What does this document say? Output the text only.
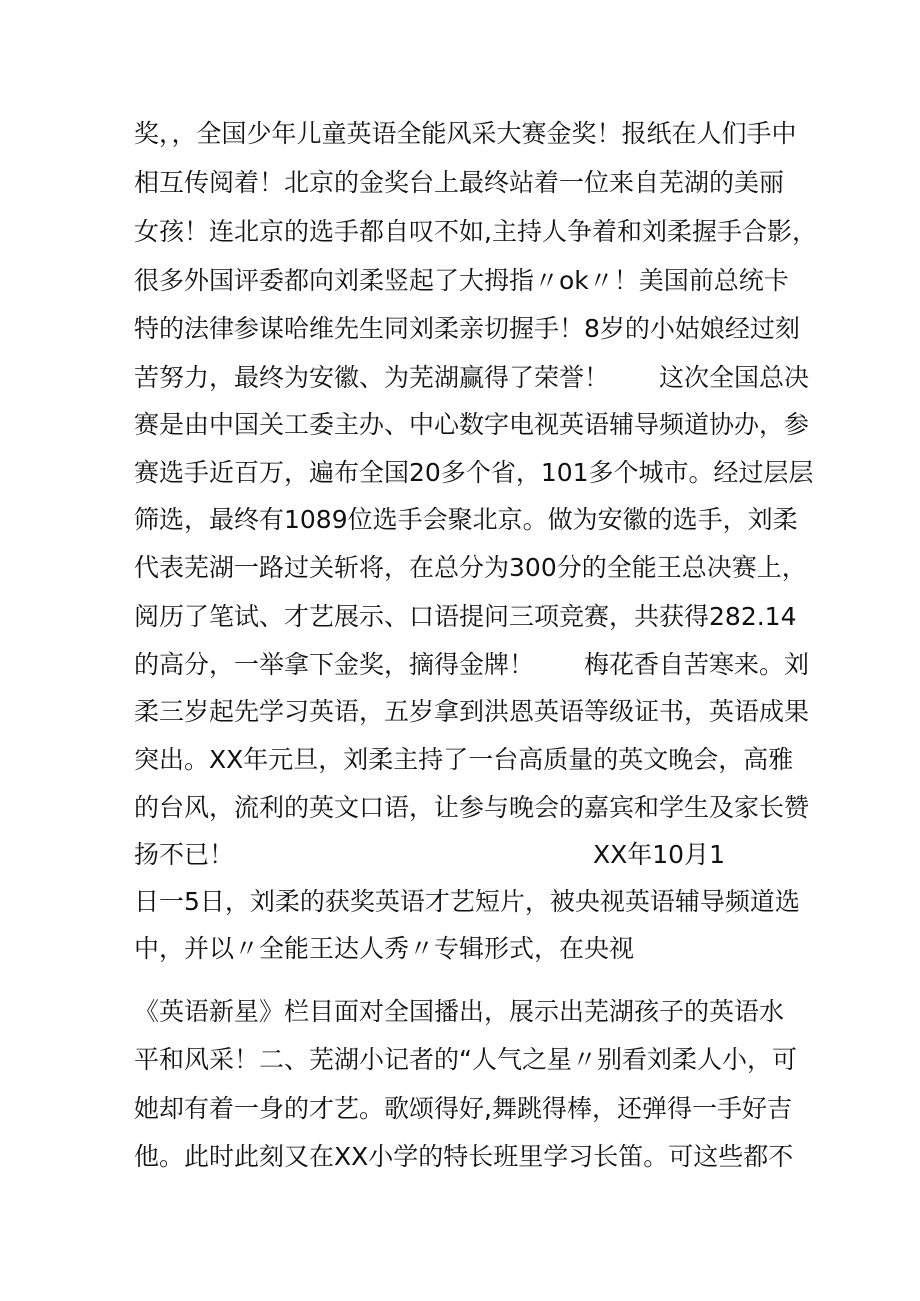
奖，，全国少年儿童英语全能风采大赛金奖！报纸在人们手中
相互传阅着！北京的金奖台上最终站着一位来自芜湖的美丽
女孩！连北京的选手都自叹不如,主持人争着和刘柔握手合影，
很多外国评委都向刘柔竖起了大拇指〃ok〃！美国前总统卡
特的法律参谋哈维先生同刘柔亲切握手！8岁的小姑娘经过刻
苦努力，最终为安徽、为芜湖赢得了荣誉！　　这次全国总决
赛是由中国关工委主办、中心数字电视英语辅导频道协办，参
赛选手近百万，遍布全国20多个省，101多个城市。经过层层
筛选，最终有1089位选手会聚北京。做为安徽的选手，刘柔
代表芜湖一路过关斩将，在总分为300分的全能王总决赛上，
阅历了笔试、才艺展示、口语提问三项竞赛，共获得282.14
的高分，一举拿下金奖，摘得金牌！　　梅花香自苦寒来。刘
柔三岁起先学习英语，五岁拿到洪恩英语等级证书，英语成果
突出。XX年元旦，刘柔主持了一台高质量的英文晚会，高雅
的台风，流利的英文口语，让参与晚会的嘉宾和学生及家长赞
扬不已！	XX年10月1
日一5日，刘柔的获奖英语才艺短片，被央视英语辅导频道选
中，并以〃全能王达人秀〃专辑形式，在央视
《英语新星》栏目面对全国播出，展示出芜湖孩子的英语水
平和风采！二、芜湖小记者的“人气之星〃别看刘柔人小，可
她却有着一身的才艺。歌颂得好,舞跳得棒，还弹得一手好吉
他。此时此刻又在XX小学的特长班里学习长笛。可这些都不
